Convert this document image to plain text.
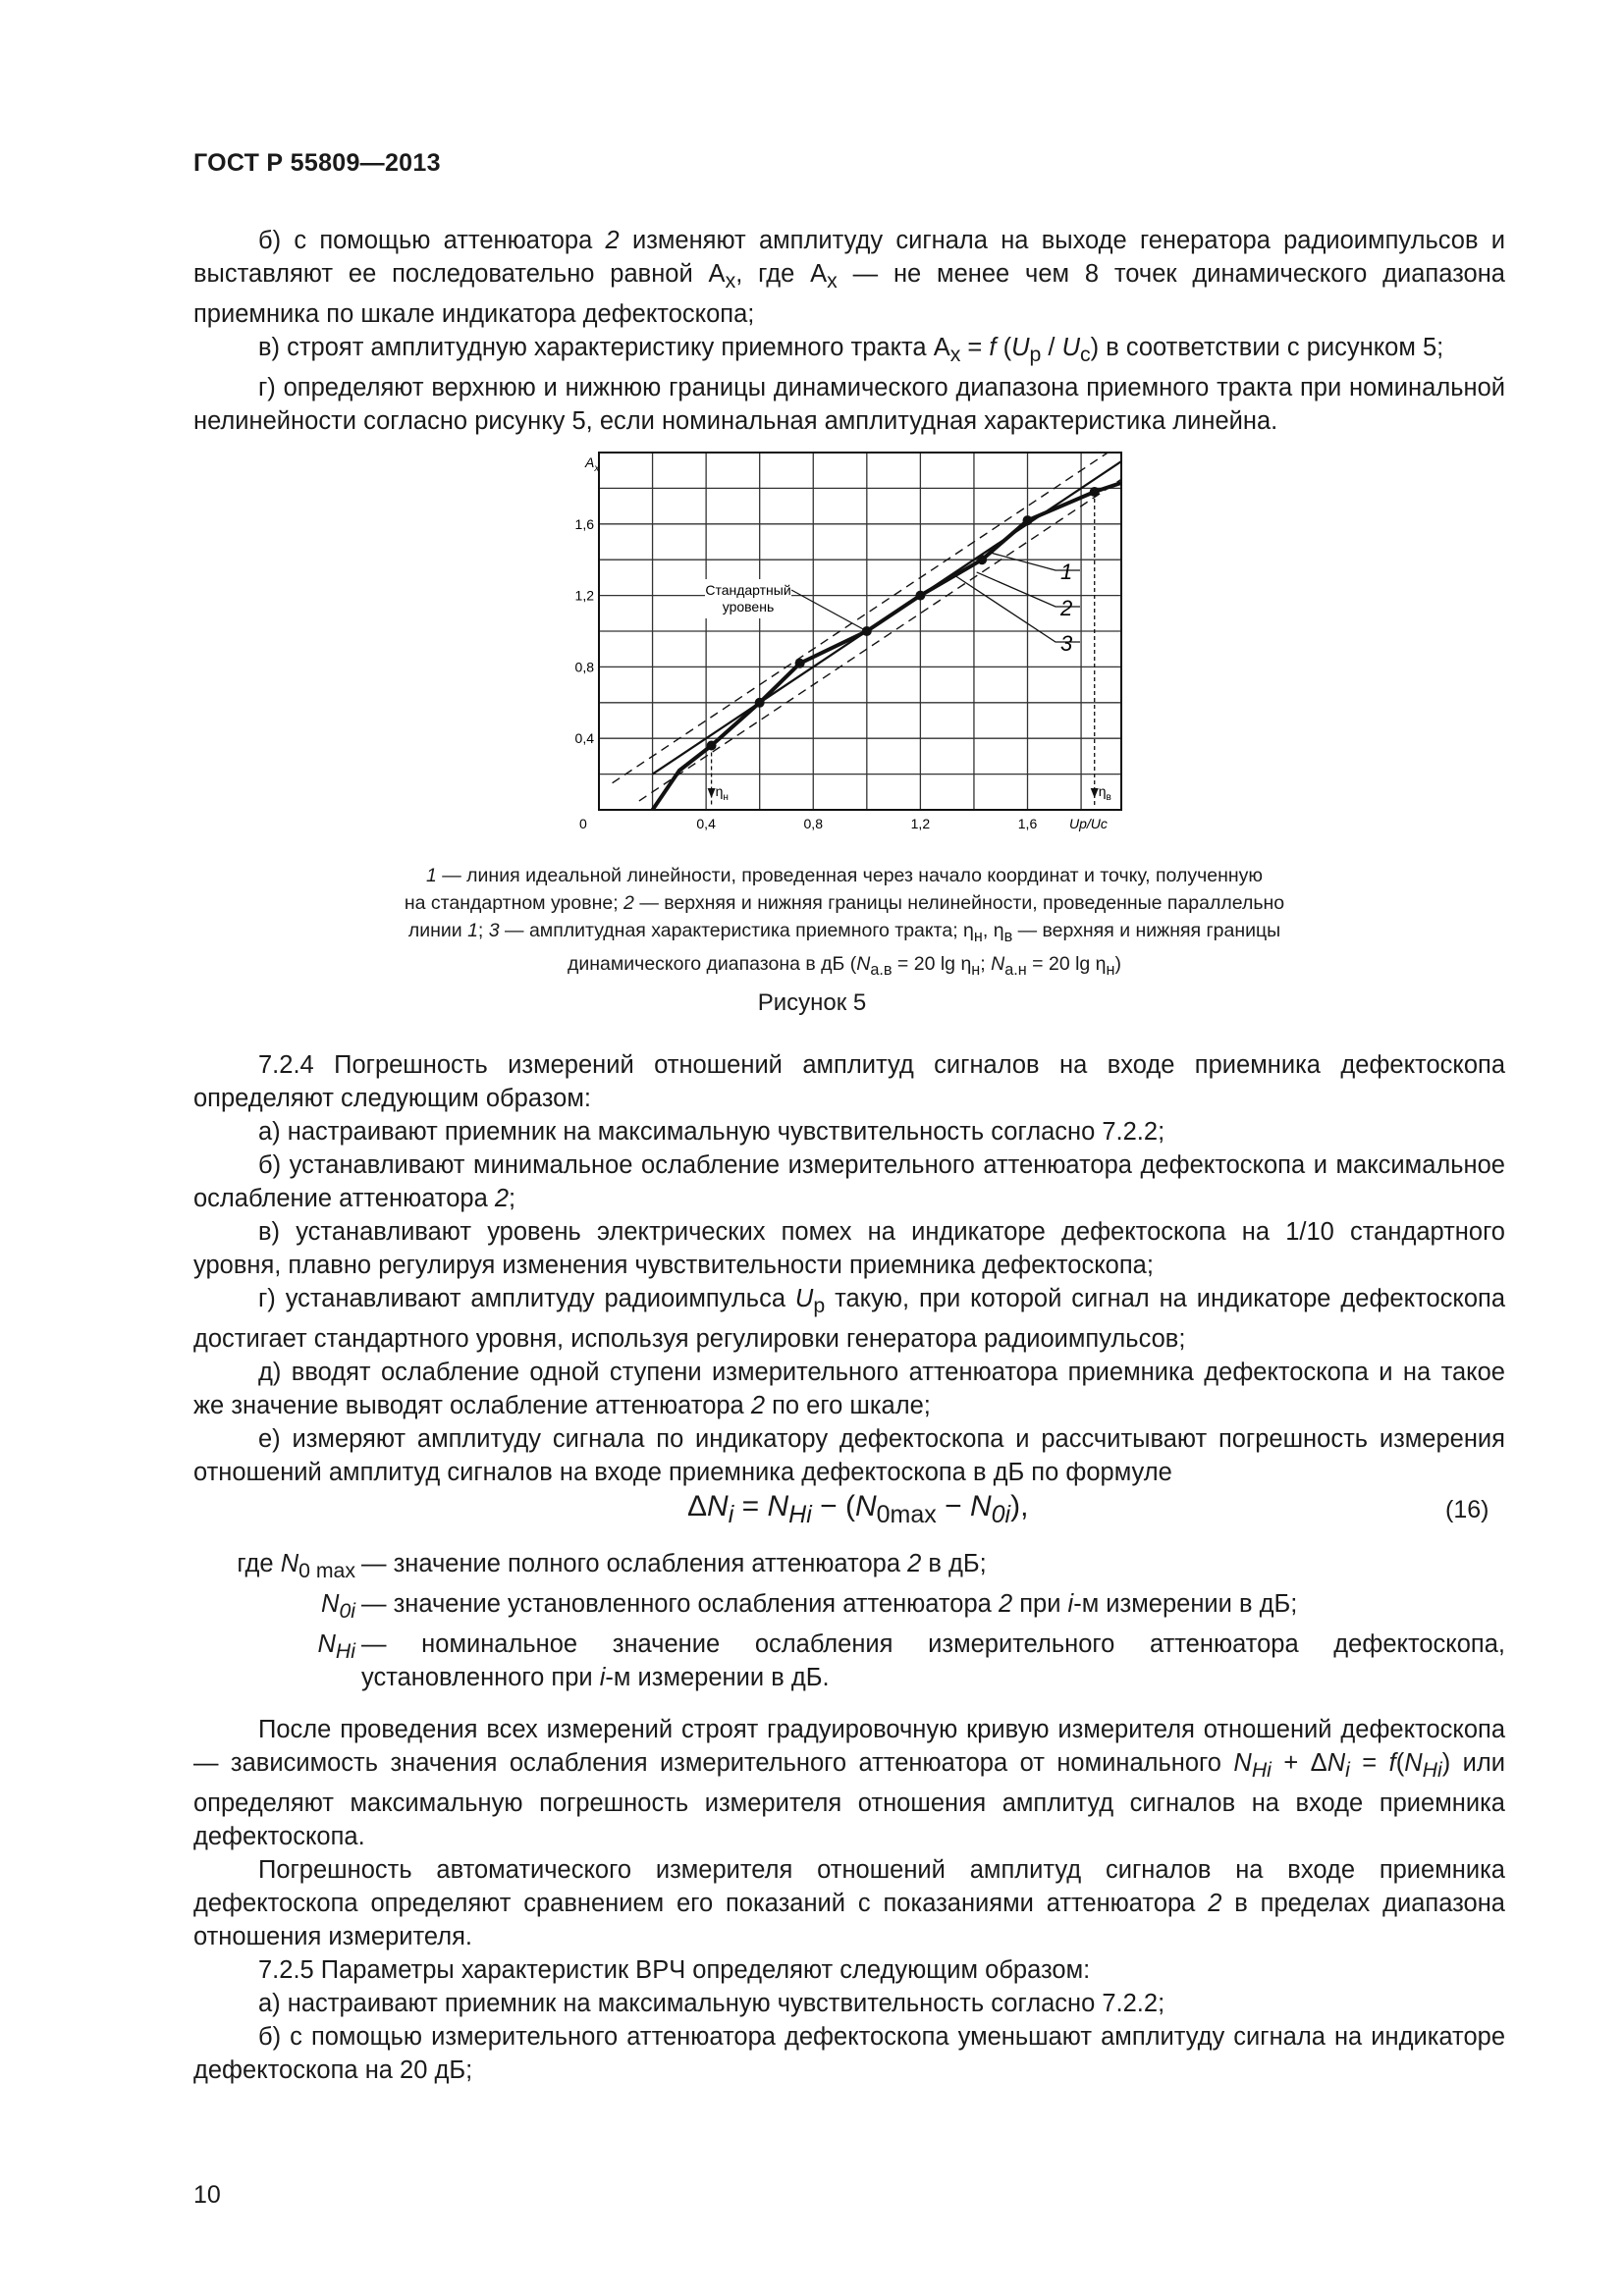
ГОСТ Р 55809—2013

б) с помощью аттенюатора 2 изменяют амплитуду сигнала на выходе генератора радиоимпульсов и выставляют ее последовательно равной $A_x$, где $A_x$ — не менее чем 8 точек динамического диапазона приемника по шкале индикатора дефектоскопа;

в) строят амплитудную характеристику приемного тракта $A_x = f$ $(U_p / U_c)$ в соответствии с рисунком 5;

г) определяют верхнюю и нижнюю границы динамического диапазона приемного тракта при номинальной нелинейности согласно рисунку 5, если номинальная амплитудная характеристика линейна.

0,4	0,8	1,2	1,6
0,4
0,8
1,2
1,6
$A_x$
Uр/Uс
0
Стандартный
уровень
1
2
3
$\eta_н$	$\eta_в$
1 — линия идеальной линейности, проведенная через начало координат и точку, полученную
на стандартном уровне; 2 — верхняя и нижняя границы нелинейности, проведенные параллельно
линии 1; 3 — амплитудная характеристика приемного тракта; $\eta_н$, $\eta_в$ — верхняя и нижняя границы
динамического диапазона в дБ ($N_{а.в} = 20$ $\lg \eta_н$; $N_{а.н} = 20$ $\lg \eta_н$)
Рисунок 5

7.2.4 Погрешность измерений отношений амплитуд сигналов на входе приемника дефектоскопа определяют следующим образом:

а) настраивают приемник на максимальную чувствительность согласно 7.2.2;

б) устанавливают минимальное ослабление измерительного аттенюатора дефектоскопа и максимальное ослабление аттенюатора 2;

в) устанавливают уровень электрических помех на индикаторе дефектоскопа на 1/10 стандартного уровня, плавно регулируя изменения чувствительности приемника дефектоскопа;

г) устанавливают амплитуду радиоимпульса $U_p$ такую, при которой сигнал на индикаторе дефектоскопа достигает стандартного уровня, используя регулировки генератора радиоимпульсов;

д) вводят ослабление одной ступени измерительного аттенюатора приемника дефектоскопа и на такое же значение выводят ослабление аттенюатора 2 по его шкале;

е) измеряют амплитуду сигнала по индикатору дефектоскопа и рассчитывают погрешность измерения отношений амплитуд сигналов на входе приемника дефектоскопа в дБ по формуле

$\Delta N_i = N_{Hi} - (N_{0max} - N_{0i})$,	(16)
где $N_{0 max}$ — значение полного ослабления аттенюатора 2 в дБ;
$N_{0i}$ — значение установленного ослабления аттенюатора 2 при i-м измерении в дБ;
$N_{Hi}$ — номинальное значение ослабления измерительного аттенюатора дефектоскопа, установленного при i-м измерении в дБ.

После проведения всех измерений строят градуировочную кривую измерителя отношений дефектоскопа — зависимость значения ослабления измерительного аттенюатора от номинального $N_{Hi} + \Delta N_i = f(N_{Hi})$ или определяют максимальную погрешность измерителя отношения амплитуд сигналов на входе приемника дефектоскопа.

Погрешность автоматического измерителя отношений амплитуд сигналов на входе приемника дефектоскопа определяют сравнением его показаний с показаниями аттенюатора 2 в пределах диапазона отношения измерителя.

7.2.5 Параметры характеристик ВРЧ определяют следующим образом:

а) настраивают приемник на максимальную чувствительность согласно 7.2.2;

б) с помощью измерительного аттенюатора дефектоскопа уменьшают амплитуду сигнала на индикаторе дефектоскопа на 20 дБ;

10
